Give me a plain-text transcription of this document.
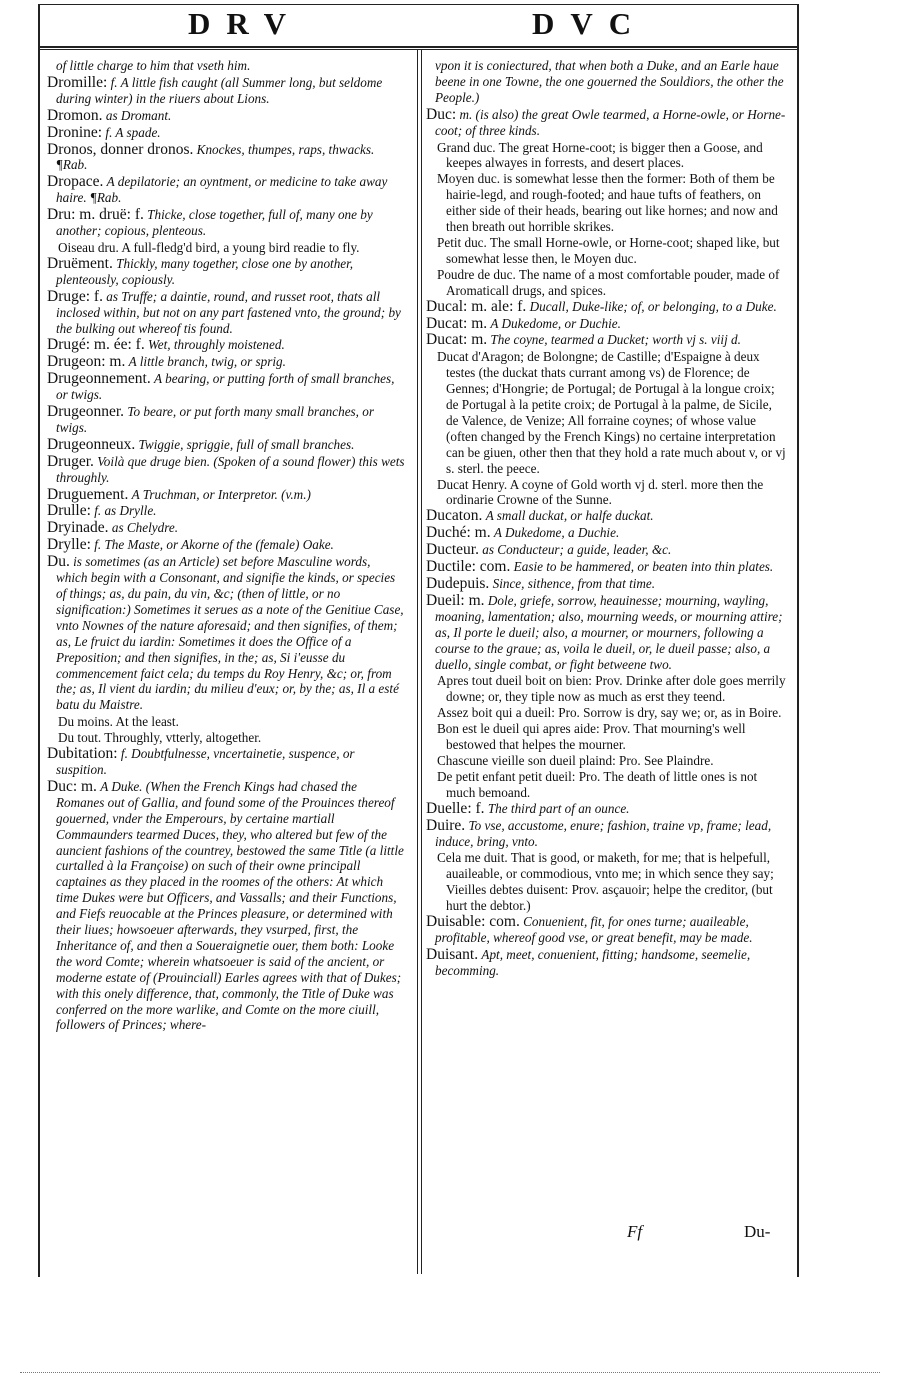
DRV	DVC

of little charge to him that vseth him.

Dromille: f. A little fish caught (all Summer long, but seldome during winter) in the riuers about Lions.

Dromon. as Dromant.

Dronine: f. A spade.

Dronos, donner dronos. Knockes, thumpes, raps, thwacks. ¶Rab.

Dropace. A depilatorie; an oyntment, or medicine to take away haire. ¶Rab.

Dru: m. druë: f. Thicke, close together, full of, many one by another; copious, plenteous.

Oiseau dru. A full-fledg'd bird, a young bird readie to fly.

Druëment. Thickly, many together, close one by another, plenteously, copiously.

Druge: f. as Truffe; a daintie, round, and russet root, thats all inclosed within, but not on any part fastened vnto, the ground; by the bulking out whereof tis found.

Drugé: m. ée: f. Wet, throughly moistened.

Drugeon: m. A little branch, twig, or sprig.

Drugeonnement. A bearing, or putting forth of small branches, or twigs.

Drugeonner. To beare, or put forth many small branches, or twigs.

Drugeonneux. Twiggie, spriggie, full of small branches.

Druger. Voilà que druge bien. (Spoken of a sound flower) this wets throughly.

Druguement. A Truchman, or Interpretor. (v.m.)

Drulle: f. as Drylle.

Dryinade. as Chelydre.

Drylle: f. The Maste, or Akorne of the (female) Oake.

Du. is sometimes (as an Article) set before Masculine words, which begin with a Consonant, and signifie the kinds, or species of things; as, du pain, du vin, &c; (then of little, or no signification:) Sometimes it serues as a note of the Genitiue Case, vnto Nownes of the nature aforesaid; and then signifies, of them; as, Le fruict du iardin: Sometimes it does the Office of a Preposition; and then signifies, in the; as, Si i'eusse du commencement faict cela; du temps du Roy Henry, &c; or, from the; as, Il vient du iardin; du milieu d'eux; or, by the; as, Il a esté batu du Maistre.

Du moins. At the least.

Du tout. Throughly, vtterly, altogether.

Dubitation: f. Doubtfulnesse, vncertainetie, suspence, or suspition.

Duc: m. A Duke. (When the French Kings had chased the Romanes out of Gallia, and found some of the Prouinces thereof gouerned, vnder the Emperours, by certaine martiall Commaunders tearmed Duces, they, who altered but few of the auncient fashions of the countrey, bestowed the same Title (a little curtalled à la Françoise) on such of their owne principall captaines as they placed in the roomes of the others: At which time Dukes were but Officers, and Vassalls; and their Functions, and Fiefs reuocable at the Princes pleasure, or determined with their liues; howsoeuer afterwards, they vsurped, first, the Inheritance of, and then a Soueraignetie ouer, them both: Looke the word Comte; wherein whatsoeuer is said of the ancient, or moderne estate of (Prouinciall) Earles agrees with that of Dukes; with this onely difference, that, commonly, the Title of Duke was conferred on the more warlike, and Comte on the more ciuill, followers of Princes; where-

vpon it is coniectured, that when both a Duke, and an Earle haue beene in one Towne, the one gouerned the Souldiors, the other the People.)

Duc: m. (is also) the great Owle tearmed, a Horne-owle, or Horne-coot; of three kinds.

Grand duc. The great Horne-coot; is bigger then a Goose, and keepes alwayes in forrests, and desert places.

Moyen duc. is somewhat lesse then the former: Both of them be hairie-legd, and rough-footed; and haue tufts of feathers, on either side of their heads, bearing out like hornes; and now and then breath out horrible skrikes.

Petit duc. The small Horne-owle, or Horne-coot; shaped like, but somewhat lesse then, le Moyen duc.

Poudre de duc. The name of a most comfortable pouder, made of Aromaticall drugs, and spices.

Ducal: m. ale: f. Ducall, Duke-like; of, or belonging, to a Duke.

Ducat: m. A Dukedome, or Duchie.

Ducat: m. The coyne, tearmed a Ducket; worth vj s. viij d.

Ducat d'Aragon; de Bolongne; de Castille; d'Espaigne à deux testes (the duckat thats currant among vs) de Florence; de Gennes; d'Hongrie; de Portugal; de Portugal à la longue croix; de Portugal à la petite croix; de Portugal à la palme, de Sicile, de Valence, de Venize; All forraine coynes; of whose value (often changed by the French Kings) no certaine interpretation can be giuen, other then that they hold a rate much about v, or vj s. sterl. the peece.

Ducat Henry. A coyne of Gold worth vj d. sterl. more then the ordinarie Crowne of the Sunne.

Ducaton. A small duckat, or halfe duckat.

Duché: m. A Dukedome, a Duchie.

Ducteur. as Conducteur; a guide, leader, &c.

Ductile: com. Easie to be hammered, or beaten into thin plates.

Dudepuis. Since, sithence, from that time.

Dueil: m. Dole, griefe, sorrow, heauinesse; mourning, wayling, moaning, lamentation; also, mourning weeds, or mourning attire; as, Il porte le dueil; also, a mourner, or mourners, following a course to the graue; as, voila le dueil, or, le dueil passe; also, a duello, single combat, or fight betweene two.

Apres tout dueil boit on bien: Prov. Drinke after dole goes merrily downe; or, they tiple now as much as erst they teend.

Assez boit qui a dueil: Pro. Sorrow is dry, say we; or, as in Boire.

Bon est le dueil qui apres aide: Prov. That mourning's well bestowed that helpes the mourner.

Chascune vieille son dueil plaind: Pro. See Plaindre.

De petit enfant petit dueil: Pro. The death of little ones is not much bemoand.

Duelle: f. The third part of an ounce.

Duire. To vse, accustome, enure; fashion, traine vp, frame; lead, induce, bring, vnto.

Cela me duit. That is good, or maketh, for me; that is helpefull, auaileable, or commodious, vnto me; in which sence they say; Vieilles debtes duisent: Prov. asçauoir; helpe the creditor, (but hurt the debtor.)

Duisable: com. Conuenient, fit, for ones turne; auaileable, profitable, whereof good vse, or great benefit, may be made.

Duisant. Apt, meet, conuenient, fitting; handsome, seemelie, becomming.

Ff	Du-
